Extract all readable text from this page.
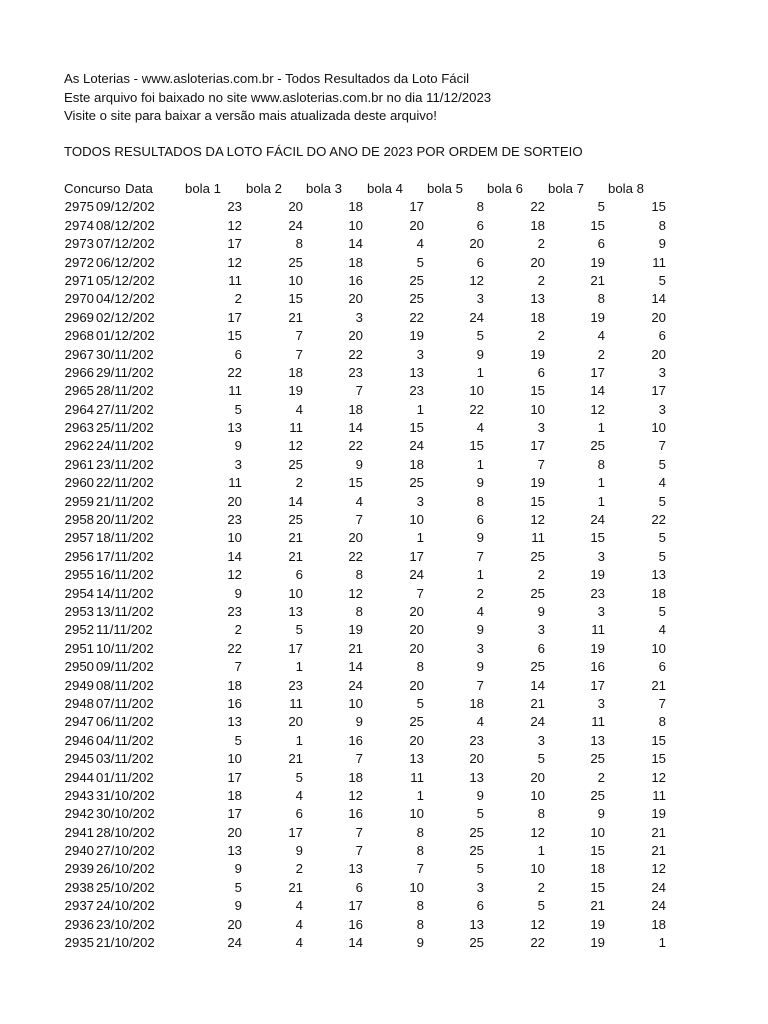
As Loterias - www.asloterias.com.br - Todos Resultados da Loto Fácil
Este arquivo foi baixado no site www.asloterias.com.br no dia 11/12/2023
Visite o site para baixar a versão mais atualizada deste arquivo!
TODOS RESULTADOS DA LOTO FÁCIL DO ANO DE 2023 POR ORDEM DE SORTEIO
Concurso Data bola 1 bola 2 bola 3 bola 4 bola 5 bola 6 bola 7 bola 8
2975 09/12/202	23	20	18	17	8	22	5	15
2974 08/12/202	12	24	10	20	6	18	15	8
2973 07/12/202	17	8	14	4	20	2	6	9
2972 06/12/202	12	25	18	5	6	20	19	11
2971 05/12/202	11	10	16	25	12	2	21	5
2970 04/12/202	2	15	20	25	3	13	8	14
2969 02/12/202	17	21	3	22	24	18	19	20
2968 01/12/202	15	7	20	19	5	2	4	6
2967 30/11/202	6	7	22	3	9	19	2	20
2966 29/11/202	22	18	23	13	1	6	17	3
2965 28/11/202	11	19	7	23	10	15	14	17
2964 27/11/202	5	4	18	1	22	10	12	3
2963 25/11/202	13	11	14	15	4	3	1	10
2962 24/11/202	9	12	22	24	15	17	25	7
2961 23/11/202	3	25	9	18	1	7	8	5
2960 22/11/202	11	2	15	25	9	19	1	4
2959 21/11/202	20	14	4	3	8	15	1	5
2958 20/11/202	23	25	7	10	6	12	24	22
2957 18/11/202	10	21	20	1	9	11	15	5
2956 17/11/202	14	21	22	17	7	25	3	5
2955 16/11/202	12	6	8	24	1	2	19	13
2954 14/11/202	9	10	12	7	2	25	23	18
2953 13/11/202	23	13	8	20	4	9	3	5
2952 11/11/202	2	5	19	20	9	3	11	4
2951 10/11/202	22	17	21	20	3	6	19	10
2950 09/11/202	7	1	14	8	9	25	16	6
2949 08/11/202	18	23	24	20	7	14	17	21
2948 07/11/202	16	11	10	5	18	21	3	7
2947 06/11/202	13	20	9	25	4	24	11	8
2946 04/11/202	5	1	16	20	23	3	13	15
2945 03/11/202	10	21	7	13	20	5	25	15
2944 01/11/202	17	5	18	11	13	20	2	12
2943 31/10/202	18	4	12	1	9	10	25	11
2942 30/10/202	17	6	16	10	5	8	9	19
2941 28/10/202	20	17	7	8	25	12	10	21
2940 27/10/202	13	9	7	8	25	1	15	21
2939 26/10/202	9	2	13	7	5	10	18	12
2938 25/10/202	5	21	6	10	3	2	15	24
2937 24/10/202	9	4	17	8	6	5	21	24
2936 23/10/202	20	4	16	8	13	12	19	18
2935 21/10/202	24	4	14	9	25	22	19	1
